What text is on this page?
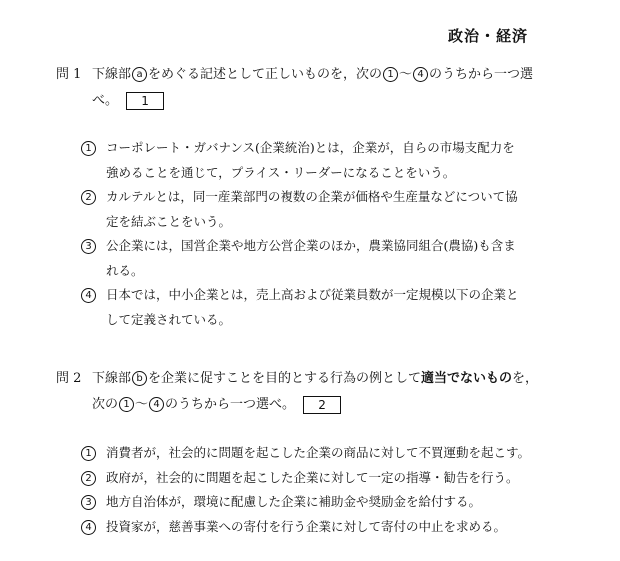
政治・経済
問 1 下線部 a をめぐる記述として正しいものを，次の 1 ～ 4 のうちから一つ選
べ。 1
1	コーポレート・ガバナンス(企業統治)とは，企業が，自らの市場支配力を
強めることを通じて，プライス・リーダーになることをいう。
2	カルテルとは，同一産業部門の複数の企業が価格や生産量などについて協
定を結ぶことをいう。
3	公企業には，国営企業や地方公営企業のほか，農業協同組合(農協)も含ま
れる。
4	日本では，中小企業とは，売上高および従業員数が一定規模以下の企業と
して定義されている。
問 2 下線部 b を企業に促すことを目的とする行為の例として適当でないものを，
次の 1 ～ 4 のうちから一つ選べ。 2
1	消費者が，社会的に問題を起こした企業の商品に対して不買運動を起こす。
2	政府が，社会的に問題を起こした企業に対して一定の指導・勧告を行う。
3	地方自治体が，環境に配慮した企業に補助金や奨励金を給付する。
4	投資家が，慈善事業への寄付を行う企業に対して寄付の中止を求める。
